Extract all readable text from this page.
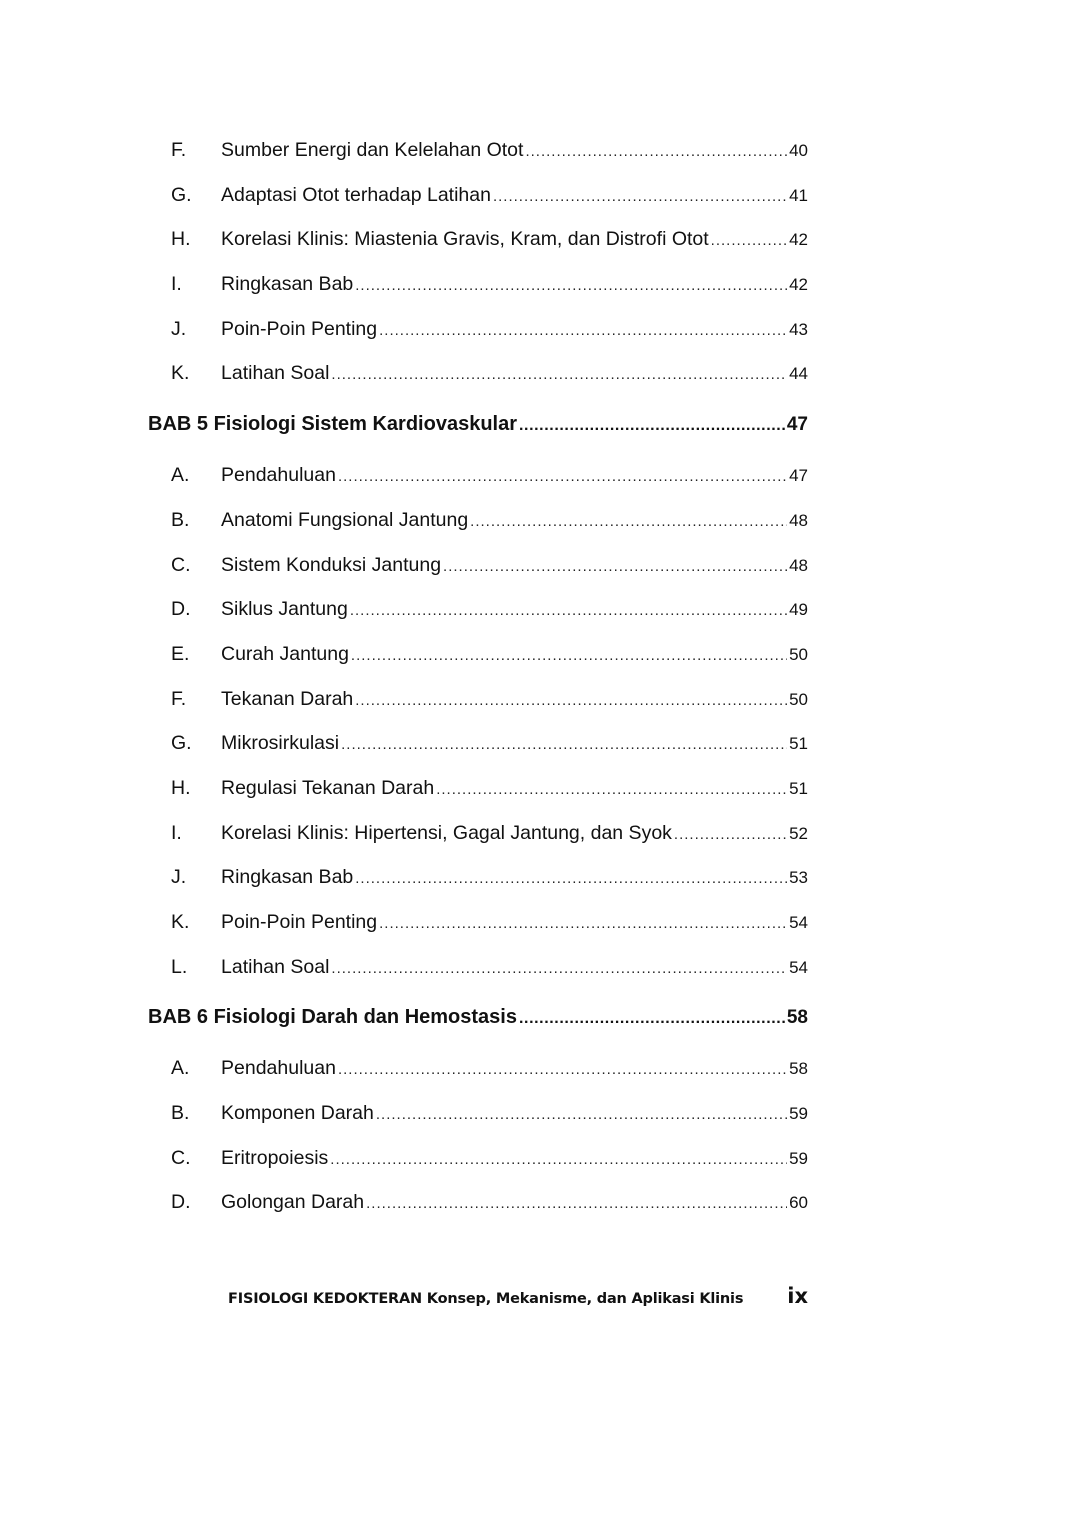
F.	Sumber Energi dan Kelelahan Otot .....	40
G.	Adaptasi Otot terhadap Latihan .....	41
H.	Korelasi Klinis: Miastenia Gravis, Kram, dan Distrofi Otot .....	42
I.	Ringkasan Bab .....	42
J.	Poin-Poin Penting .....	43
K.	Latihan Soal .....	44
BAB 5 Fisiologi Sistem Kardiovaskular .....	47
A.	Pendahuluan .....	47
B.	Anatomi Fungsional Jantung .....	48
C.	Sistem Konduksi Jantung .....	48
D.	Siklus Jantung .....	49
E.	Curah Jantung .....	50
F.	Tekanan Darah .....	50
G.	Mikrosirkulasi .....	51
H.	Regulasi Tekanan Darah .....	51
I.	Korelasi Klinis: Hipertensi, Gagal Jantung, dan Syok .....	52
J.	Ringkasan Bab .....	53
K.	Poin-Poin Penting .....	54
L.	Latihan Soal .....	54
BAB 6 Fisiologi Darah dan Hemostasis .....	58
A.	Pendahuluan .....	58
B.	Komponen Darah .....	59
C.	Eritropoiesis .....	59
D.	Golongan Darah .....	60
FISIOLOGI KEDOKTERAN Konsep, Mekanisme, dan Aplikasi Klinis ix
